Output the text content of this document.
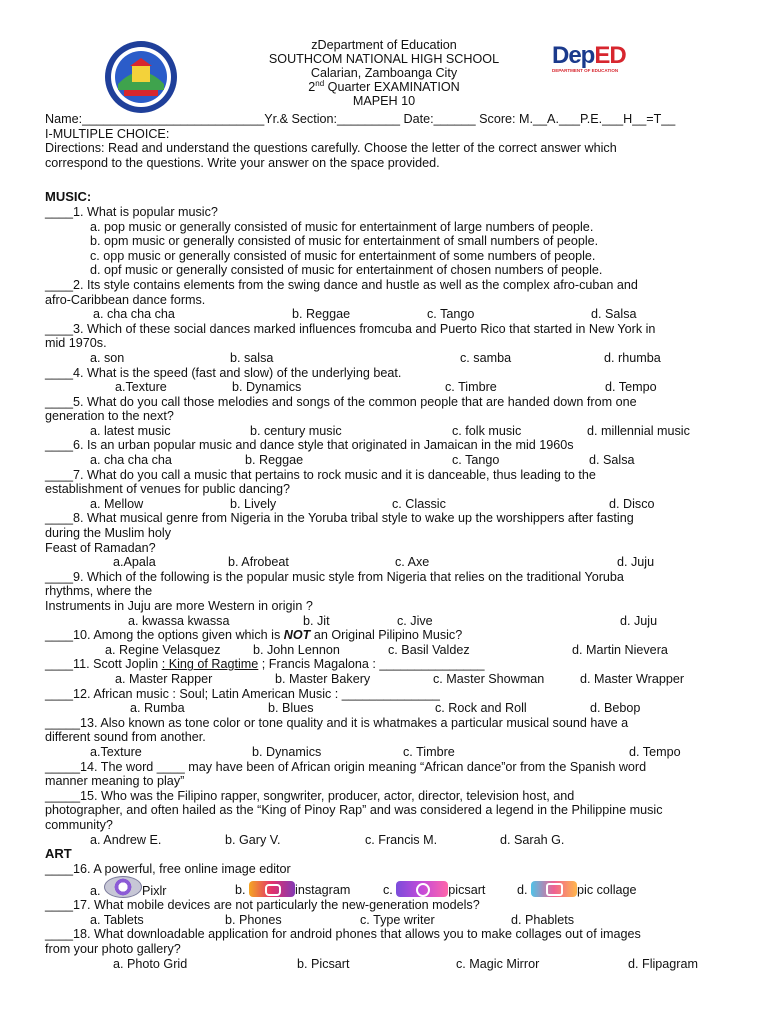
DepED
DEPARTMENT OF EDUCATION
zDepartment of Education
SOUTHCOM NATIONAL HIGH SCHOOL
Calarian, Zamboanga City
2nd Quarter EXAMINATION
MAPEH 10
Name:__________________________Yr.& Section:_________ Date:______ Score: M.__A.___P.E.___H__=T__
I-MULTIPLE CHOICE:
Directions: Read and understand the questions carefully. Choose the letter of the correct answer which
correspond to the questions. Write your answer on the space provided.
MUSIC:
____1. What is popular music?
a. pop music or generally consisted of music for entertainment of large numbers of people.
b. opm music or generally consisted of music for entertainment of small numbers of people.
c. opp music or generally consisted of music for entertainment of some numbers of people.
d. opf music or generally consisted of music for entertainment of chosen numbers of people.
____2. Its style contains elements from the swing dance and hustle as well as the complex afro-cuban and
afro-Caribbean dance forms.
a. cha cha cha	b. Reggae	c. Tango	d. Salsa
____3. Which of these social dances marked influences fromcuba and Puerto Rico that started in New York in
mid 1970s.
a. son	b. salsa	c. samba	d. rhumba
____4. What is the speed (fast and slow) of the underlying beat.
a.Texture	b. Dynamics	c. Timbre	d. Tempo
____5. What do you call those melodies and songs of the common people that are handed down from one
generation to the next?
a. latest music	b. century music	c. folk music	d. millennial music
____6. Is an urban popular music and dance style that originated in Jamaican in the mid 1960s
a. cha cha cha	b. Reggae	c. Tango	d. Salsa
____7. What do you call a music that pertains to rock music and it is danceable, thus leading to the
establishment of venues for public dancing?
a. Mellow	b. Lively	c. Classic	d. Disco
____8. What musical genre from Nigeria in the Yoruba tribal style to wake up the worshippers after fasting
during the Muslim holy
Feast of Ramadan?
a.Apala	b. Afrobeat	c. Axe	d. Juju
____9. Which of the following is the popular music style from Nigeria that relies on the traditional Yoruba
rhythms, where the
Instruments in Juju are more Western in origin ?
a. kwassa kwassa	b. Jit	c. Jive	d. Juju
____10. Among the options given which is NOT an Original Pilipino Music?
a. Regine Velasquez	b. John Lennon	c. Basil Valdez	d. Martin Nievera
____11. Scott Joplin : King of Ragtime ; Francis Magalona : _______________
a. Master Rapper	b. Master Bakery	c. Master Showman	d. Master Wrapper
____12. African music : Soul; Latin American Music : ______________
a. Rumba	b. Blues	c. Rock and Roll	d. Bebop
_____13. Also known as tone color or tone quality and it is whatmakes a particular musical sound have a
different sound from another.
a.Texture	b. Dynamics	c. Timbre	d. Tempo
_____14. The word ____ may have been of African origin meaning “African dance”or from the Spanish word
manner meaning to play”
_____15. Who was the Filipino rapper, songwriter, producer, actor, director, television host, and
photographer, and often hailed as the “King of Pinoy Rap” and was considered a legend in the Philippine music
community?
a. Andrew E.	b. Gary V.	c. Francis M.	d. Sarah G.
ART
____16. A powerful, free online image editor
a.	Pixlr	b.	instagram	c.	picsart	d.	pic collage
____17. What mobile devices are not particularly the new-generation models?
a. Tablets	b. Phones	c. Type writer	d. Phablets
____18. What downloadable application for android phones that allows you to make collages out of images
from your photo gallery?
a. Photo Grid	b. Picsart	c. Magic Mirror	d. Flipagram
